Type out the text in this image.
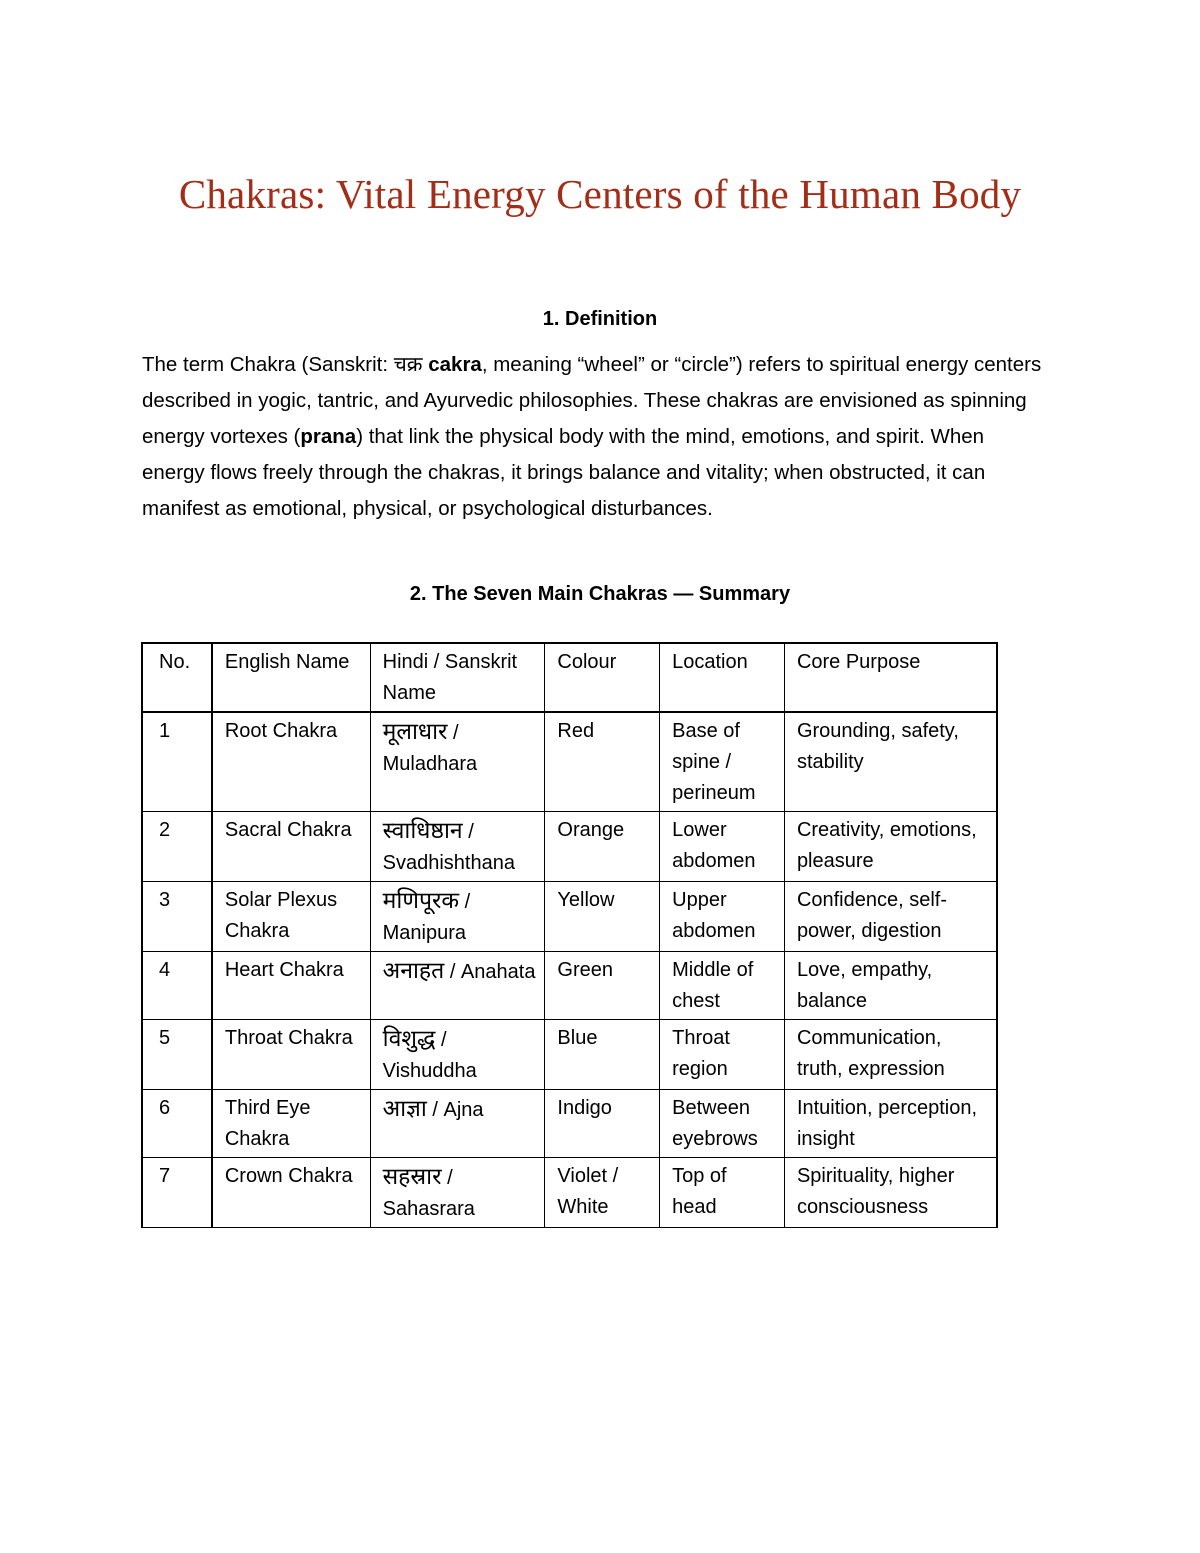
Chakras: Vital Energy Centers of the Human Body
1. Definition

The term Chakra (Sanskrit: चक्र cakra, meaning “wheel” or “circle”) refers to spiritual energy centers described in yogic, tantric, and Ayurvedic philosophies. These chakras are envisioned as spinning energy vortexes (prana) that link the physical body with the mind, emotions, and spirit. When energy flows freely through the chakras, it brings balance and vitality; when obstructed, it can manifest as emotional, physical, or psychological disturbances.

2. The Seven Main Chakras — Summary
No.	English Name	Hindi / Sanskrit Name	Colour	Location	Core Purpose
1	Root Chakra	मूलाधार / Muladhara	Red	Base of spine / perineum	Grounding, safety, stability
2	Sacral Chakra	स्वाधिष्ठान / Svadhishthana	Orange	Lower abdomen	Creativity, emotions, pleasure
3	Solar Plexus Chakra	मणिपूरक / Manipura	Yellow	Upper abdomen	Confidence, self-power, digestion
4	Heart Chakra	अनाहत / Anahata	Green	Middle of chest	Love, empathy, balance
5	Throat Chakra	विशुद्ध / Vishuddha	Blue	Throat region	Communication, truth, expression
6	Third Eye Chakra	आज्ञा / Ajna	Indigo	Between eyebrows	Intuition, perception, insight
7	Crown Chakra	सहस्रार / Sahasrara	Violet / White	Top of head	Spirituality, higher consciousness
